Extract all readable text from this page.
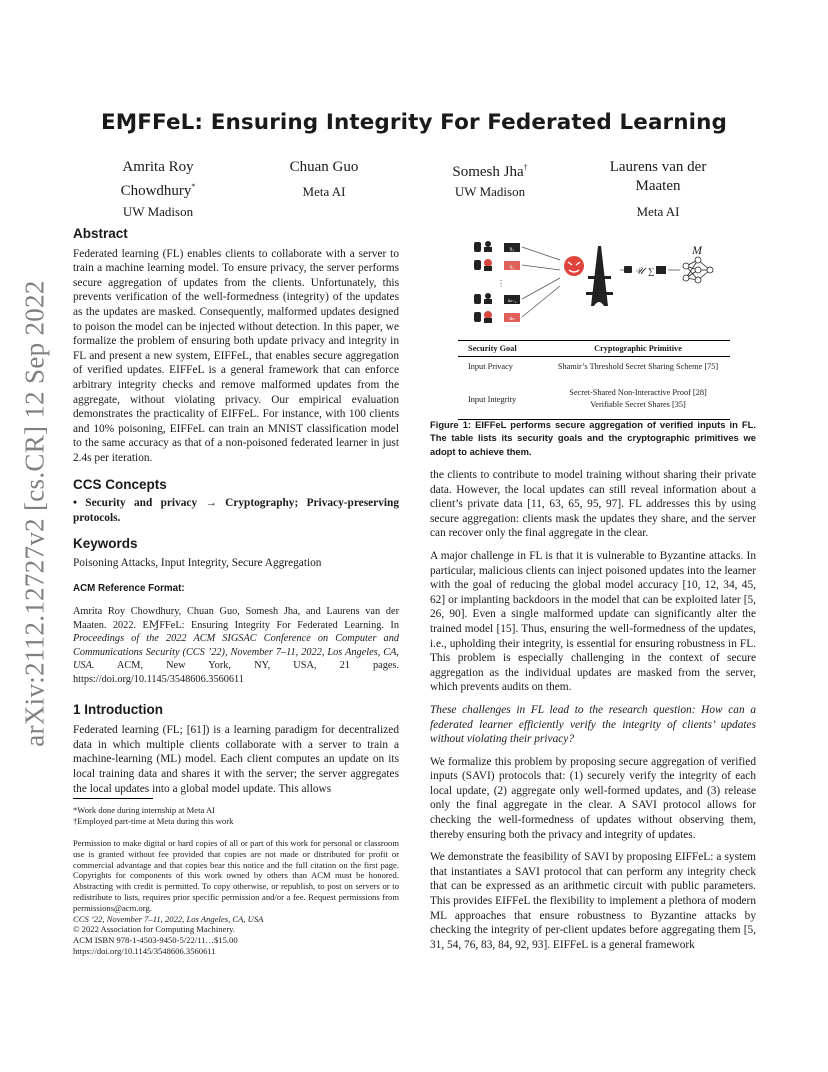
arXiv:2112.12727v2 [cs.CR] 12 Sep 2022
EⱮFFeL: Ensuring Integrity For Federated Learning
Amrita Roy
Chowdhury*
UW Madison
Chuan Guo
Meta AI
Somesh Jha†
UW Madison
Laurens van der
Maaten
Meta AI
Abstract

Federated learning (FL) enables clients to collaborate with a server to train a machine learning model. To ensure privacy, the server performs secure aggregation of updates from the clients. Unfortunately, this prevents verification of the well-formedness (integrity) of the updates as the updates are masked. Consequently, malformed updates designed to poison the model can be injected without detection. In this paper, we formalize the problem of ensuring both update privacy and integrity in FL and present a new system, EIFFeL, that enables secure aggregation of verified updates. EIFFeL is a general framework that can enforce arbitrary integrity checks and remove malformed updates from the aggregate, without violating privacy. Our empirical evaluation demonstrates the practicality of EIFFeL. For instance, with 100 clients and 10% poisoning, EIFFeL can train an MNIST classification model to the same accuracy as that of a non-poisoned federated learner in just 2.4s per iteration.

CCS Concepts

• Security and privacy → Cryptography; Privacy-preserving protocols.

Keywords

Poisoning Attacks, Input Integrity, Secure Aggregation

ACM Reference Format:

Amrita Roy Chowdhury, Chuan Guo, Somesh Jha, and Laurens van der Maaten. 2022. EⱮFFeL: Ensuring Integrity For Federated Learning. In Proceedings of the 2022 ACM SIGSAC Conference on Computer and Communications Security (CCS ’22), November 7–11, 2022, Los Angeles, CA, USA. ACM, New York, NY, USA, 21 pages. https://doi.org/10.1145/3548606.3560611

1 Introduction

Federated learning (FL; [61]) is a learning paradigm for decentralized data in which multiple clients collaborate with a server to train a machine-learning (ML) model. Each client computes an update on its local training data and shares it with the server; the server aggregates the local updates into a global model update. This allows

*Work done during internship at Meta AI
†Employed part-time at Meta during this work
Permission to make digital or hard copies of all or part of this work for personal or classroom use is granted without fee provided that copies are not made or distributed for profit or commercial advantage and that copies bear this notice and the full citation on the first page. Copyrights for components of this work owned by others than ACM must be honored. Abstracting with credit is permitted. To copy otherwise, or republish, to post on servers or to redistribute to lists, requires prior specific permission and/or a fee. Request permissions from permissions@acm.org.
CCS ’22, November 7–11, 2022, Los Angeles, CA, USA
© 2022 Association for Computing Machinery.
ACM ISBN 978-1-4503-9450-5/22/11…$15.00
https://doi.org/10.1145/3548606.3560611
u₁
u₂
⋮
uₙ₋₁
uₙ
𝒰 ∑
M
Security Goal	Cryptographic Primitive

Input Privacy	Shamir’s Threshold Secret Sharing Scheme [75]
Input Integrity	Secret-Shared Non-Interactive Proof [28]
Verifiable Secret Shares [35]
Figure 1: EIFFeL performs secure aggregation of verified inputs in FL. The table lists its security goals and the cryptographic primitives we adopt to achieve them.

the clients to contribute to model training without sharing their private data. However, the local updates can still reveal information about a client’s private data [11, 63, 65, 95, 97]. FL addresses this by using secure aggregation: clients mask the updates they share, and the server can recover only the final aggregate in the clear.

A major challenge in FL is that it is vulnerable to Byzantine attacks. In particular, malicious clients can inject poisoned updates into the learner with the goal of reducing the global model accuracy [10, 12, 34, 45, 62] or implanting backdoors in the model that can be exploited later [5, 26, 90]. Even a single malformed update can significantly alter the trained model [15]. Thus, ensuring the well-formedness of the updates, i.e., upholding their integrity, is essential for ensuring robustness in FL. This problem is especially challenging in the context of secure aggregation as the individual updates are masked from the server, which prevents audits on them.

These challenges in FL lead to the research question: How can a federated learner efficiently verify the integrity of clients’ updates without violating their privacy?

We formalize this problem by proposing secure aggregation of verified inputs (SAVI) protocols that: (1) securely verify the integrity of each local update, (2) aggregate only well-formed updates, and (3) release only the final aggregate in the clear. A SAVI protocol allows for checking the well-formedness of updates without observing them, thereby ensuring both the privacy and integrity of updates.

We demonstrate the feasibility of SAVI by proposing EIFFeL: a system that instantiates a SAVI protocol that can perform any integrity check that can be expressed as an arithmetic circuit with public parameters. This provides EIFFeL the flexibility to implement a plethora of modern ML approaches that ensure robustness to Byzantine attacks by checking the integrity of per-client updates before aggregating them [5, 31, 54, 76, 83, 84, 92, 93]. EIFFeL is a general framework
